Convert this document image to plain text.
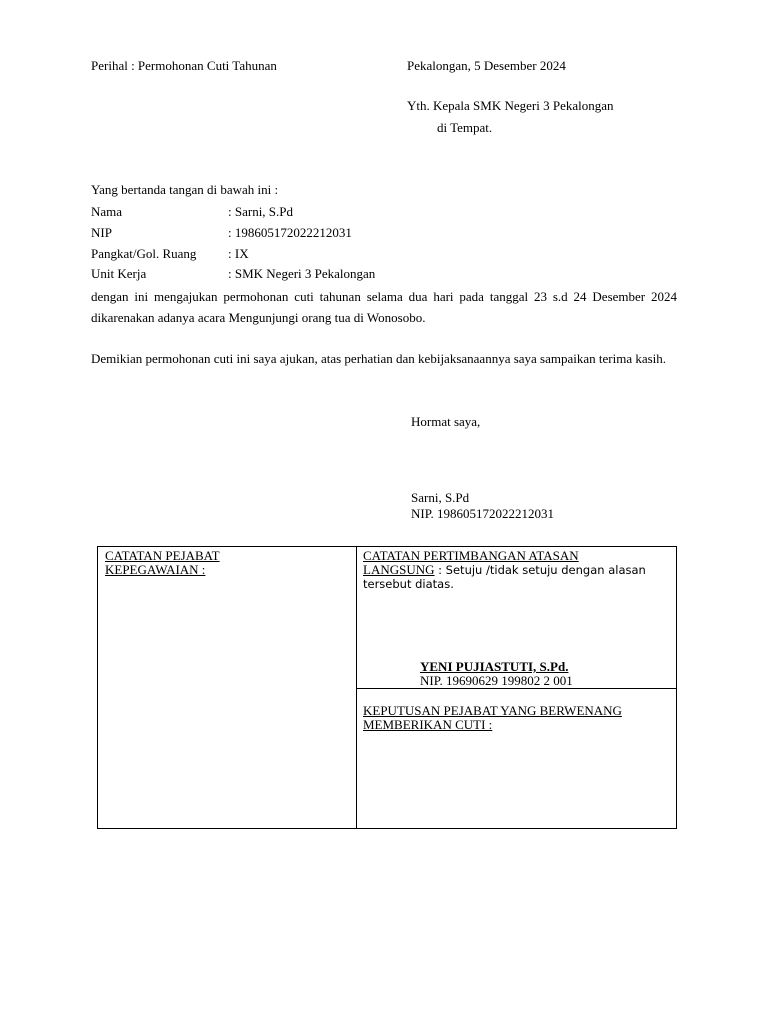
Perihal : Permohonan Cuti Tahunan	Pekalongan, 5 Desember 2024
Yth. Kepala SMK Negeri 3 Pekalongan
di Tempat.
Yang bertanda tangan di bawah ini :
Nama	: Sarni, S.Pd
NIP	: 198605172022212031
Pangkat/Gol. Ruang : IX
Unit Kerja	: SMK Negeri 3 Pekalongan
dengan ini mengajukan permohonan cuti tahunan selama dua hari pada tanggal 23 s.d 24 Desember 2024 dikarenakan adanya acara Mengunjungi orang tua di Wonosobo.
Demikian permohonan cuti ini saya ajukan, atas perhatian dan kebijaksanaannya saya sampaikan terima kasih.
Hormat saya,
Sarni, S.Pd
NIP. 198605172022212031
CATATAN PEJABAT
KEPEGAWAIAN :
CATATAN PERTIMBANGAN ATASAN
LANGSUNG : Setuju /tidak setuju dengan alasan
tersebut diatas.
YENI PUJIASTUTI, S.Pd.
NIP. 19690629 199802 2 001
KEPUTUSAN PEJABAT YANG BERWENANG
MEMBERIKAN CUTI :
